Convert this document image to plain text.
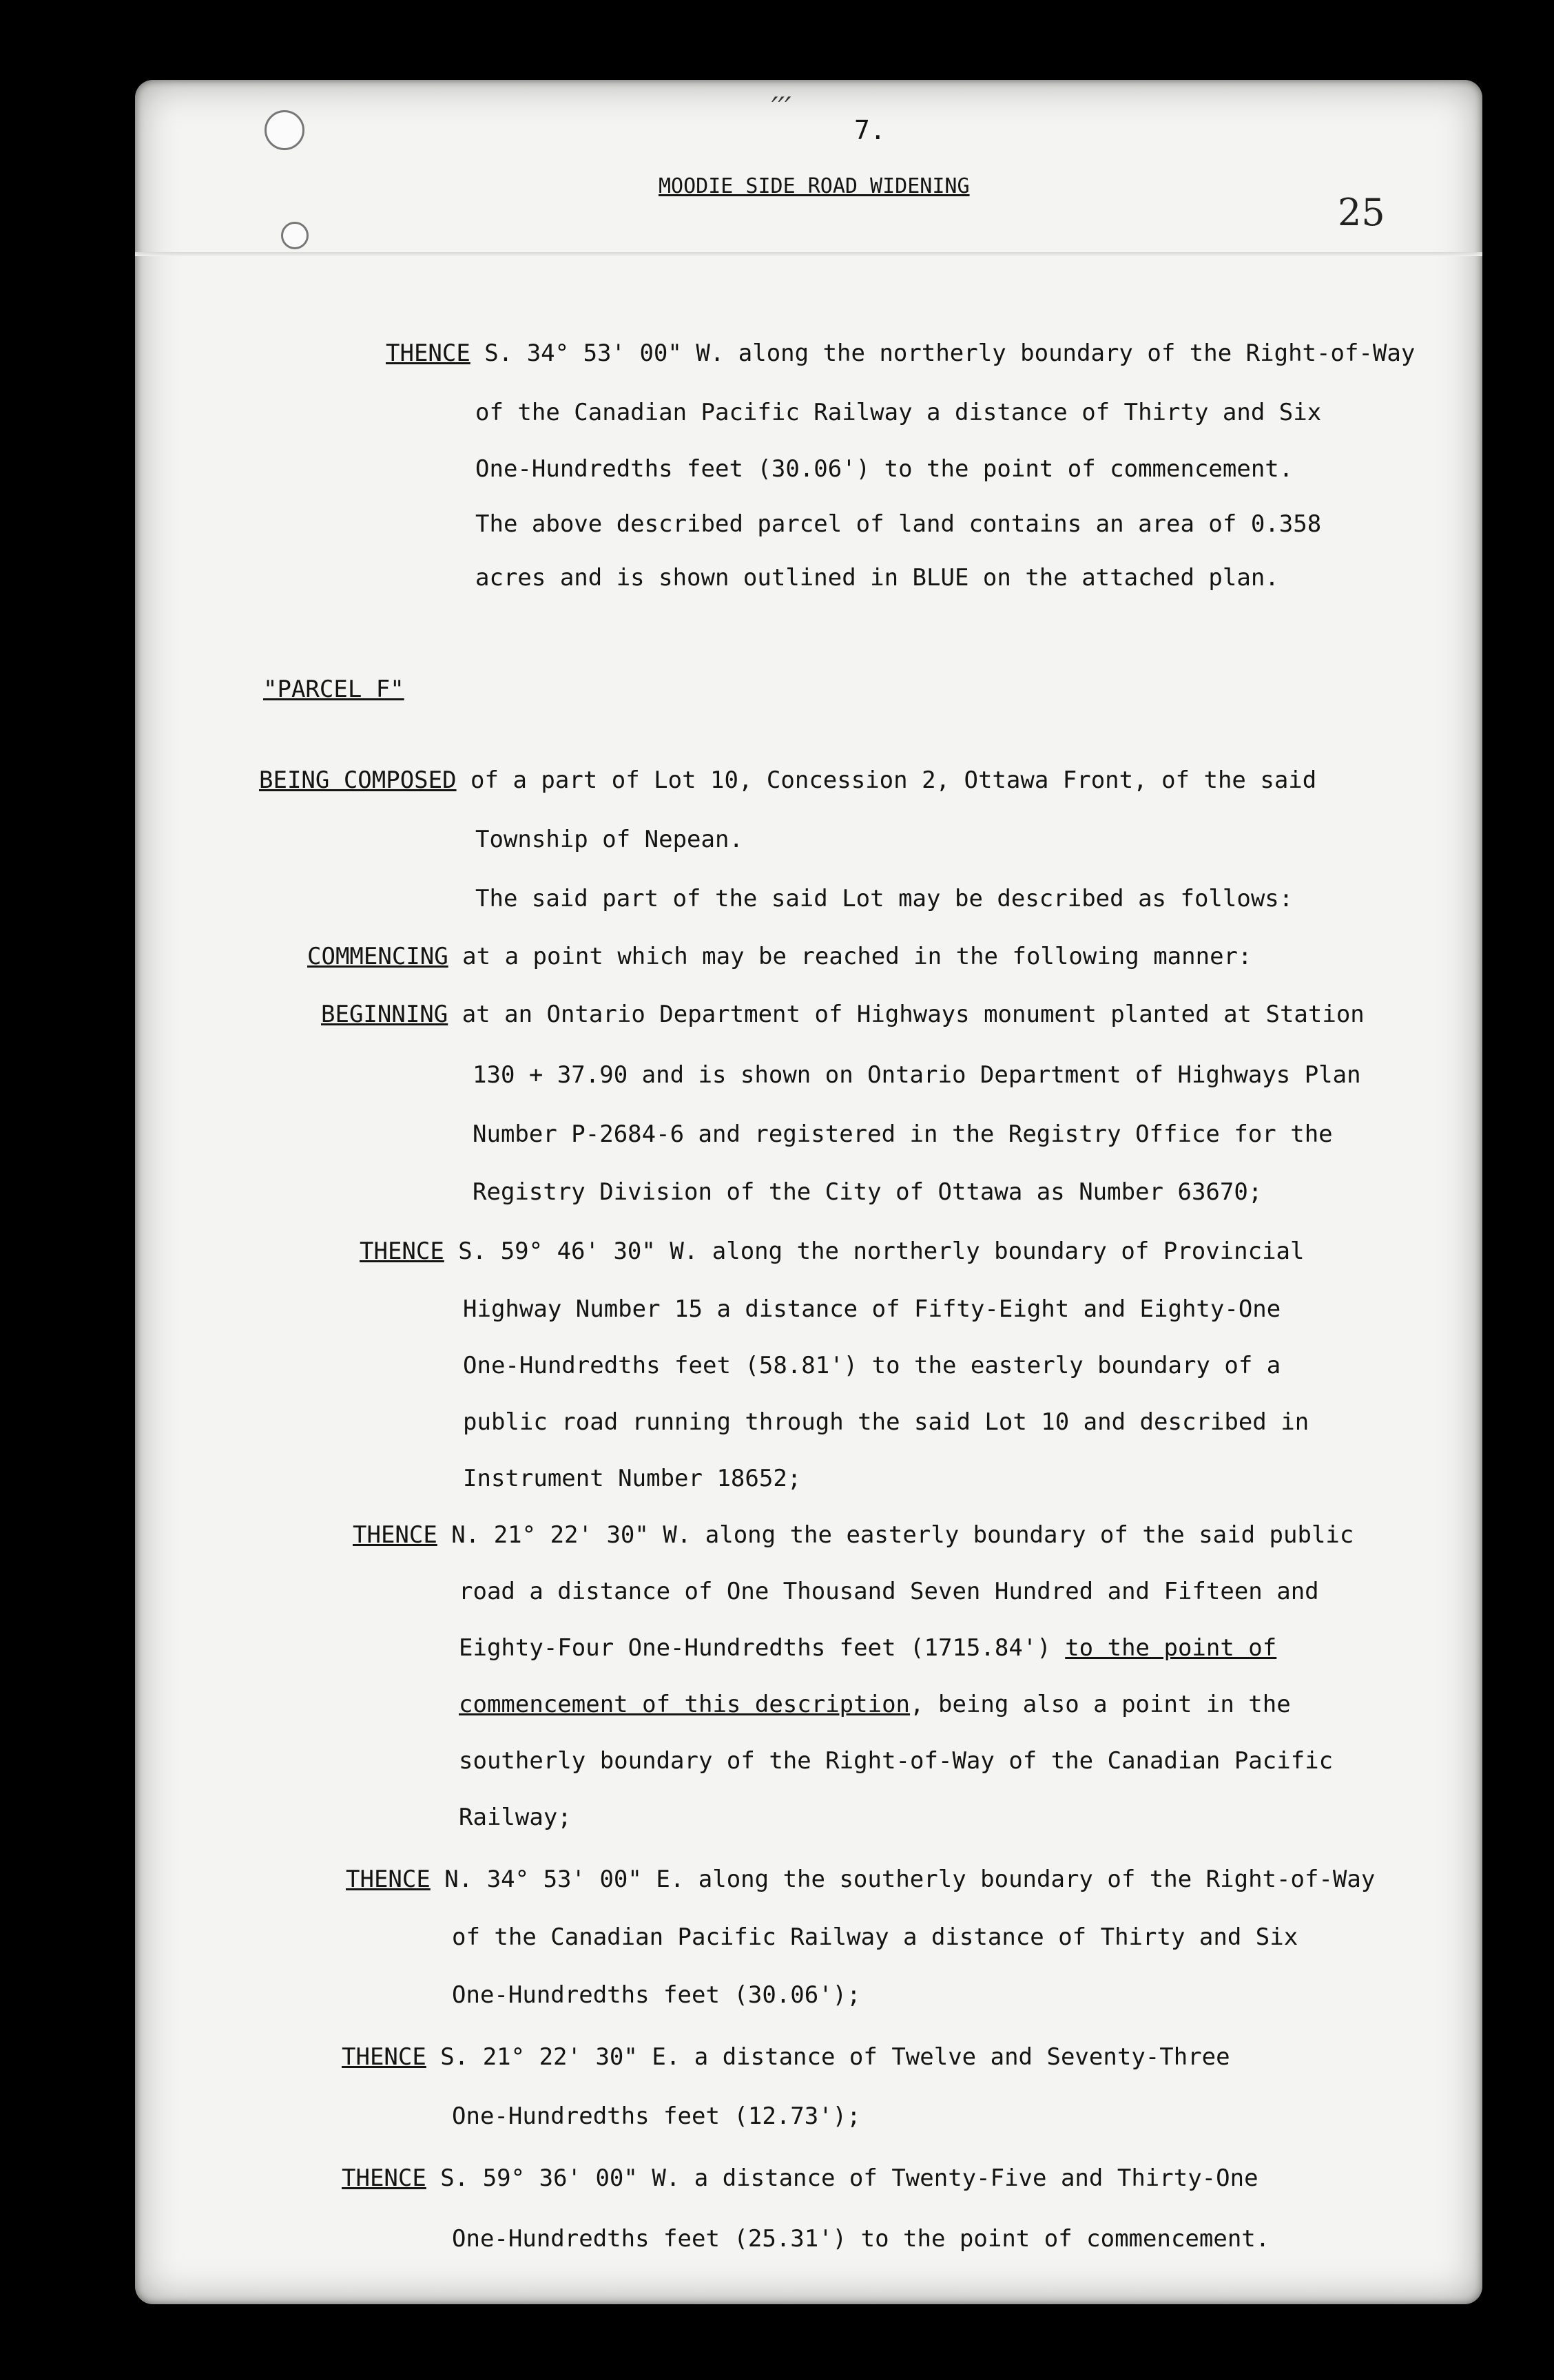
′′′
7.
MOODIE SIDE ROAD WIDENING
25
THENCE S. 34° 53' 00" W. along the northerly boundary of the Right-of-Way
of the Canadian Pacific Railway a distance of Thirty and Six
One-Hundredths feet (30.06') to the point of commencement.
The above described parcel of land contains an area of 0.358
acres and is shown outlined in BLUE on the attached plan.
"PARCEL F"
BEING COMPOSED of a part of Lot 10, Concession 2, Ottawa Front, of the said
Township of Nepean.
The said part of the said Lot may be described as follows:
COMMENCING at a point which may be reached in the following manner:
BEGINNING at an Ontario Department of Highways monument planted at Station
130 + 37.90 and is shown on Ontario Department of Highways Plan
Number P-2684-6 and registered in the Registry Office for the
Registry Division of the City of Ottawa as Number 63670;
THENCE S. 59° 46' 30" W. along the northerly boundary of Provincial
Highway Number 15 a distance of Fifty-Eight and Eighty-One
One-Hundredths feet (58.81') to the easterly boundary of a
public road running through the said Lot 10 and described in
Instrument Number 18652;
THENCE N. 21° 22' 30" W. along the easterly boundary of the said public
road a distance of One Thousand Seven Hundred and Fifteen and
Eighty-Four One-Hundredths feet (1715.84') to the point of
commencement of this description, being also a point in the
southerly boundary of the Right-of-Way of the Canadian Pacific
Railway;
THENCE N. 34° 53' 00" E. along the southerly boundary of the Right-of-Way
of the Canadian Pacific Railway a distance of Thirty and Six
One-Hundredths feet (30.06');
THENCE S. 21° 22' 30" E. a distance of Twelve and Seventy-Three
One-Hundredths feet (12.73');
THENCE S. 59° 36' 00" W. a distance of Twenty-Five and Thirty-One
One-Hundredths feet (25.31') to the point of commencement.
